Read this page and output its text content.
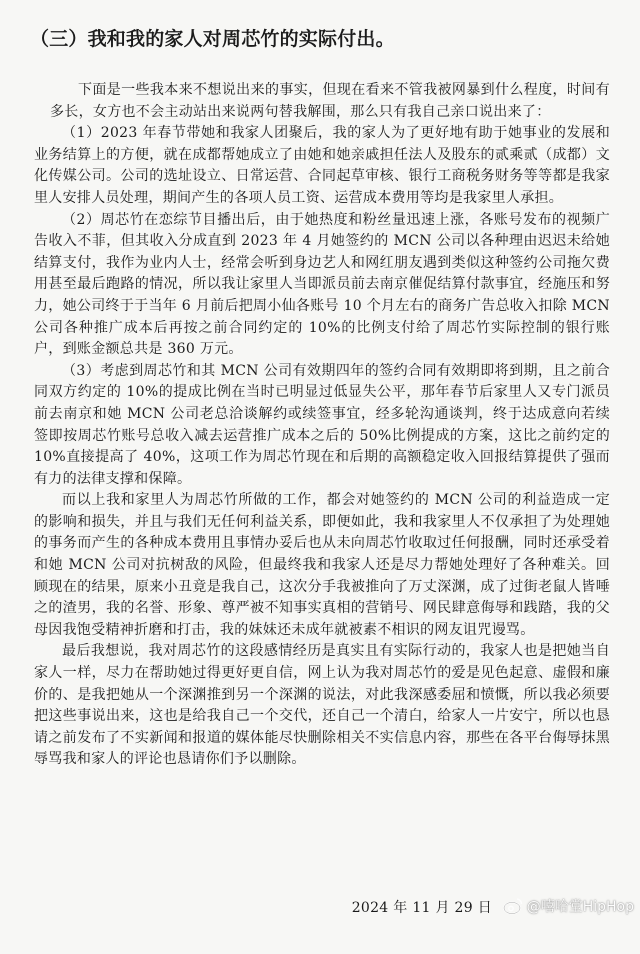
（三）我和我的家人对周芯竹的实际付出。

下面是一些我本来不想说出来的事实，但现在看来不管我被网暴到什么程度，时间有多长，女方也不会主动站出来说两句替我解围，那么只有我自己亲口说出来了：

（1）2023 年春节带她和我家人团聚后，我的家人为了更好地有助于她事业的发展和业务结算上的方便，就在成都帮她成立了由她和她亲戚担任法人及股东的贰乘贰（成都）文化传媒公司。公司的选址设立、日常运营、合同起草审核、银行工商税务财务等等都是我家里人安排人员处理，期间产生的各项人员工资、运营成本费用等均是我家里人承担。

（2）周芯竹在恋综节目播出后，由于她热度和粉丝量迅速上涨，各账号发布的视频广告收入不菲，但其收入分成直到 2023 年 4 月她签约的 MCN 公司以各种理由迟迟未给她结算支付，我作为业内人士，经常会听到身边艺人和网红朋友遇到类似这种签约公司拖欠费用甚至最后跑路的情况，所以我让家里人当即派员前去南京催促结算付款事宜，经施压和努力，她公司终于于当年 6 月前后把周小仙各账号 10 个月左右的商务广告总收入扣除 MCN 公司各种推广成本后再按之前合同约定的 10%的比例支付给了周芯竹实际控制的银行账户，到账金额总共是 360 万元。

（3）考虑到周芯竹和其 MCN 公司有效期四年的签约合同有效期即将到期，且之前合同双方约定的 10%的提成比例在当时已明显过低显失公平，那年春节后家里人又专门派员前去南京和她 MCN 公司老总洽谈解约或续签事宜，经多轮沟通谈判，终于达成意向若续签即按周芯竹账号总收入减去运营推广成本之后的 50%比例提成的方案，这比之前约定的 10%直接提高了 40%，这项工作为周芯竹现在和后期的高额稳定收入回报结算提供了强而有力的法律支撑和保障。

而以上我和家里人为周芯竹所做的工作，都会对她签约的 MCN 公司的利益造成一定的影响和损失，并且与我们无任何利益关系，即便如此，我和我家里人不仅承担了为处理她的事务而产生的各种成本费用且事情办妥后也从未向周芯竹收取过任何报酬，同时还承受着和她 MCN 公司对抗树敌的风险，但最终我和我家人还是尽力帮她处理好了各种难关。回顾现在的结果，原来小丑竟是我自己，这次分手我被推向了万丈深渊，成了过街老鼠人皆唾之的渣男，我的名誉、形象、尊严被不知事实真相的营销号、网民肆意侮辱和践踏，我的父母因我饱受精神折磨和打击，我的妹妹还未成年就被素不相识的网友诅咒谩骂。

最后我想说，我对周芯竹的这段感情经历是真实且有实际行动的，我家人也是把她当自家人一样，尽力在帮助她过得更好更自信，网上认为我对周芯竹的爱是见色起意、虚假和廉价的、是我把她从一个深渊推到另一个深渊的说法，对此我深感委屈和愤慨，所以我必须要把这些事说出来，这也是给我自己一个交代，还自己一个清白，给家人一片安宁，所以也恳请之前发布了不实新闻和报道的媒体能尽快删除相关不实信息内容，那些在各平台侮辱抹黑辱骂我和家人的评论也恳请你们予以删除。

2024 年 11 月 29 日 @嘻哈堂HipHop
